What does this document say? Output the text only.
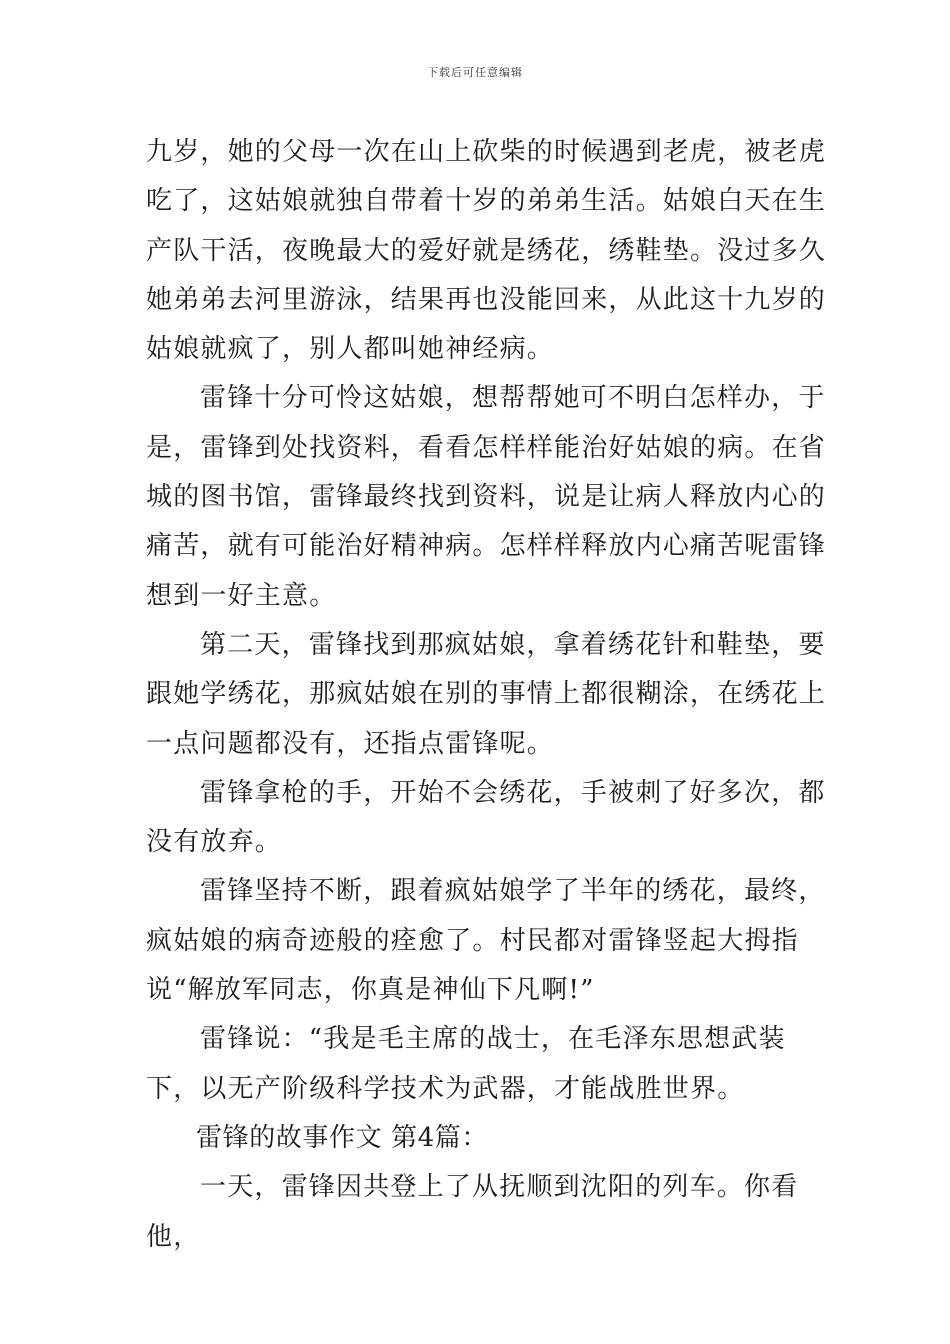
下载后可任意编辑

九岁，她的父母一次在山上砍柴的时候遇到老虎，被老虎吃了，这姑娘就独自带着十岁的弟弟生活。姑娘白天在生产队干活，夜晚最大的爱好就是绣花，绣鞋垫。没过多久她弟弟去河里游泳，结果再也没能回来，从此这十九岁的姑娘就疯了，别人都叫她神经病。

雷锋十分可怜这姑娘，想帮帮她可不明白怎样办，于是，雷锋到处找资料，看看怎样样能治好姑娘的病。在省城的图书馆，雷锋最终找到资料，说是让病人释放内心的痛苦，就有可能治好精神病。怎样样释放内心痛苦呢雷锋想到一好主意。

第二天，雷锋找到那疯姑娘，拿着绣花针和鞋垫，要跟她学绣花，那疯姑娘在别的事情上都很糊涂，在绣花上一点问题都没有，还指点雷锋呢。

雷锋拿枪的手，开始不会绣花，手被刺了好多次，都没有放弃。

雷锋坚持不断，跟着疯姑娘学了半年的绣花，最终，疯姑娘的病奇迹般的痊愈了。村民都对雷锋竖起大拇指说“解放军同志，你真是神仙下凡啊!”

雷锋说：“我是毛主席的战士，在毛泽东思想武装下，以无产阶级科学技术为武器，才能战胜世界。

雷锋的故事作文 第4篇：

一天，雷锋因共登上了从抚顺到沈阳的列车。你看他，
